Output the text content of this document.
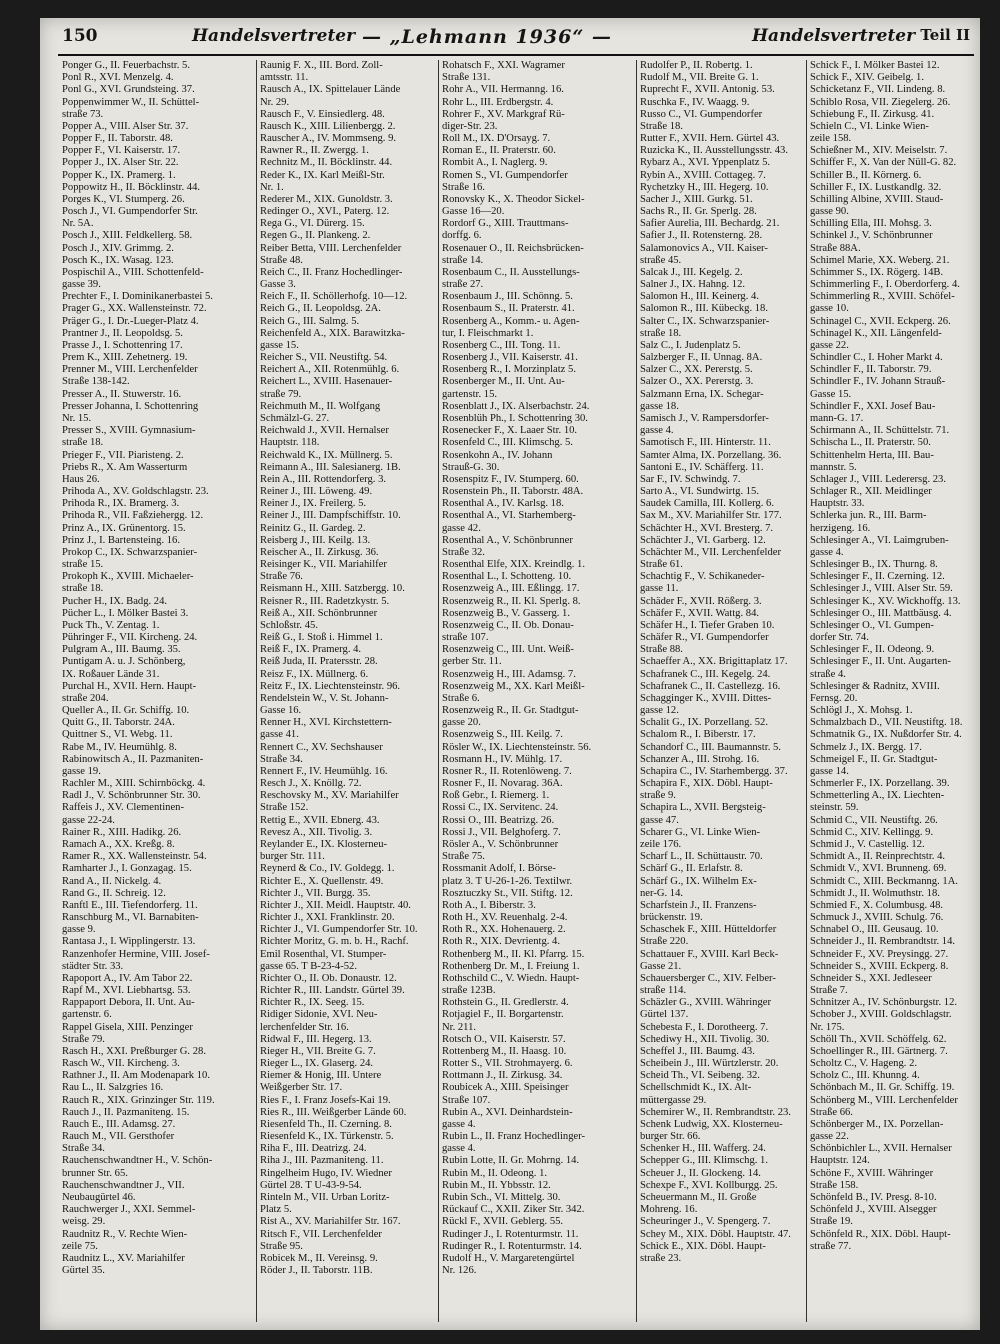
150	Handelsvertreter — „Lehmann 1936“ —	Handelsvertreter Teil II
Ponger G., II. Feuerbachstr. 5.
Ponl R., XVI. Menzelg. 4.
Ponl G., XVI. Grundsteing. 37.
Poppenwimmer W., II. Schüttel-
straße 73.
Popper A., VIII. Alser Str. 37.
Popper F., II. Taborstr. 48.
Popper F., VI. Kaiserstr. 17.
Popper J., IX. Alser Str. 22.
Popper K., IX. Pramerg. 1.
Poppowitz H., II. Böcklinstr. 44.
Porges K., VI. Stumperg. 26.
Posch J., VI. Gumpendorfer Str.
Nr. 5A.
Posch J., XIII. Feldkellerg. 58.
Posch J., XIV. Grimmg. 2.
Posch K., IX. Wasag. 123.
Pospischil A., VIII. Schottenfeld-
gasse 39.
Prechter F., I. Dominikanerbastei 5.
Prager G., XX. Wallensteinstr. 72.
Präger G., I. Dr.-Lueger-Platz 4.
Prantner J., II. Leopoldsg. 5.
Prasse J., I. Schottenring 17.
Prem K., XIII. Zehetnerg. 19.
Prenner M., VIII. Lerchenfelder
Straße 138-142.
Presser A., II. Stuwerstr. 16.
Presser Johanna, I. Schottenring
Nr. 15.
Presser S., XVIII. Gymnasium-
straße 18.
Prieger F., VII. Piaristeng. 2.
Priebs R., X. Am Wasserturm
Haus 26.
Prihoda A., XV. Goldschlagstr. 23.
Prihoda R., IX. Bramerg. 3.
Prihoda R., VII. Faßziehergg. 12.
Prinz A., IX. Grünentorg. 15.
Prinz J., I. Bartensteing. 16.
Prokop C., IX. Schwarzspanier-
straße 15.
Prokoph K., XVIII. Michaeler-
straße 18.
Pucher H., IX. Badg. 24.
Pücher L., I. Mölker Bastei 3.
Puck Th., V. Zentag. 1.
Pühringer F., VII. Kircheng. 24.
Pulgram A., III. Baumg. 35.
Puntigam A. u. J. Schönberg,
IX. Roßauer Lände 31.
Purchal H., XVII. Hern. Haupt-
straße 204.
Queller A., II. Gr. Schiffg. 10.
Quitt G., II. Taborstr. 24A.
Quittner S., VI. Webg. 11.
Rabe M., IV. Heumühlg. 8.
Rabinowitsch A., II. Pazmaniten-
gasse 19.
Rachler M., XIII. Schirnböckg. 4.
Radl J., V. Schönbrunner Str. 30.
Raffeis J., XV. Clementinen-
gasse 22-24.
Rainer R., XIII. Hadikg. 26.
Ramach A., XX. Kreßg. 8.
Ramer R., XX. Wallensteinstr. 54.
Ramharter J., I. Gonzagag. 15.
Rand A., II. Nickelg. 4.
Rand G., II. Schreig. 12.
Ranftl E., III. Tiefendorferg. 11.
Ranschburg M., VI. Barnabiten-
gasse 9.
Rantasa J., I. Wipplingerstr. 13.
Ranzenhofer Hermine, VIII. Josef-
städter Str. 33.
Rapoport A., IV. Am Tabor 22.
Rapf M., XVI. Liebhartsg. 53.
Rappaport Debora, II. Unt. Au-
gartenstr. 6.
Rappel Gisela, XIII. Penzinger
Straße 79.
Rasch H., XXI. Preßburger G. 28.
Rasch W., VII. Kircheng. 3.
Rathner J., II. Am Modenapark 10.
Rau L., II. Salzgries 16.
Rauch R., XIX. Grinzinger Str. 119.
Rauch J., II. Pazmaniteng. 15.
Rauch E., III. Adamsg. 27.
Rauch M., VII. Gersthofer
Straße 34.
Rauchenschwandtner H., V. Schön-
brunner Str. 65.
Rauchenschwandtner J., VII.
Neubaugürtel 46.
Rauchwerger J., XXI. Semmel-
weisg. 29.
Raudnitz R., V. Rechte Wien-
zeile 75.
Raudnitz L., XV. Mariahilfer
Gürtel 35.
Raunig F. X., III. Bord. Zoll-
amtsstr. 11.
Rausch A., IX. Spittelauer Lände
Nr. 29.
Rausch F., V. Einsiedlerg. 48.
Rausch K., XIII. Lilienbergg. 2.
Rauscher A., IV. Mommseng. 9.
Rawner R., II. Zwergg. 1.
Rechnitz M., II. Böcklinstr. 44.
Reder K., IX. Karl Meißl-Str.
Nr. 1.
Rederer M., XIX. Gunoldstr. 3.
Redinger O., XVI., Paterg. 12.
Rega G., VI. Dürerg. 15.
Regen G., II. Plankeng. 2.
Reiber Betta, VIII. Lerchenfelder
Straße 48.
Reich C., II. Franz Hochedlinger-
Gasse 3.
Reich F., II. Schöllerhofg. 10—12.
Reich G., II. Leopoldsg. 2A.
Reich G., III. Salmg. 5.
Reichenfeld A., XIX. Barawitzka-
gasse 15.
Reicher S., VII. Neustiftg. 54.
Reichert A., XII. Rotenmühlg. 6.
Reichert L., XVIII. Hasenauer-
straße 79.
Reichmuth M., II. Wolfgang
Schmälzl-G. 27.
Reichwald J., XVII. Hernalser
Hauptstr. 118.
Reichwald K., IX. Müllnerg. 5.
Reimann A., III. Salesianerg. 1B.
Rein A., III. Rottendorferg. 3.
Reiner J., III. Löweng. 49.
Reiner J., IX. Freilerg. 5.
Reiner J., III. Dampfschiffstr. 10.
Reinitz G., II. Gardeg. 2.
Reisberg J., III. Keilg. 13.
Reischer A., II. Zirkusg. 36.
Reisinger K., VII. Mariahilfer
Straße 76.
Reismann H., XIII. Satzbergg. 10.
Reisner R., III. Radetzkystr. 5.
Reiß A., XII. Schönbrunner
Schloßstr. 45.
Reiß G., I. Stoß i. Himmel 1.
Reiß F., IX. Pramerg. 4.
Reiß Juda, II. Pratersstr. 28.
Reisz F., IX. Müllnerg. 6.
Reitz F., IX. Liechtensteinstr. 96.
Rendelstein W., V. St. Johann-
Gasse 16.
Renner H., XVI. Kirchstettern-
gasse 41.
Rennert C., XV. Sechshauser
Straße 34.
Rennert F., IV. Heumühlg. 16.
Resch J., X. Knöllg. 72.
Reschovsky M., XV. Mariahilfer
Straße 152.
Rettig E., XVII. Ebnerg. 43.
Revesz A., XII. Tivolig. 3.
Reylander E., IX. Klosterneu-
burger Str. 111.
Reynerd & Co., IV. Goldegg. 1.
Richter E., X. Quellenstr. 49.
Richter J., VII. Burgg. 35.
Richter J., XII. Meidl. Hauptstr. 40.
Richter J., XXI. Franklinstr. 20.
Richter J., VI. Gumpendorfer Str. 10.
Richter Moritz, G. m. b. H., Rachf.
Emil Rosenthal, VI. Stumper-
gasse 65. T B-23-4-52.
Richter O., II. Ob. Donaustr. 12.
Richter R., III. Landstr. Gürtel 39.
Richter R., IX. Seeg. 15.
Ridiger Sidonie, XVI. Neu-
lerchenfelder Str. 16.
Ridwal F., III. Hegerg. 13.
Rieger H., VII. Breite G. 7.
Rieger L., IX. Glaserg. 24.
Riemer & Honig, III. Untere
Weißgerber Str. 17.
Ries F., I. Franz Josefs-Kai 19.
Ries R., III. Weißgerber Lände 60.
Riesenfeld Th., II. Czerning. 8.
Riesenfeld K., IX. Türkenstr. 5.
Riha F., III. Deatrizg. 24.
Riha J., III. Pazmaniteng. 11.
Ringelheim Hugo, IV. Wiedner
Gürtel 28. T U-43-9-54.
Rinteln M., VII. Urban Loritz-
Platz 5.
Rist A., XV. Mariahilfer Str. 167.
Ritsch F., VII. Lerchenfelder
Straße 95.
Robicek M., II. Vereinsg. 9.
Röder J., II. Taborstr. 11B.
Rohatsch F., XXI. Wagramer
Straße 131.
Rohr A., VII. Hermanng. 16.
Rohr L., III. Erdbergstr. 4.
Rohrer F., XV. Markgraf Rü-
diger-Str. 23.
Roll M., IX. D'Orsayg. 7.
Roman E., II. Praterstr. 60.
Rombit A., I. Naglerg. 9.
Romen S., VI. Gumpendorfer
Straße 16.
Ronovsky K., X. Theodor Sickel-
Gasse 16—20.
Rordorf G., XIII. Trauttmans-
dorffg. 6.
Rosenauer O., II. Reichsbrücken-
straße 14.
Rosenbaum C., II. Ausstellungs-
straße 27.
Rosenbaum J., III. Schönng. 5.
Rosenbaum S., II. Praterstr. 41.
Rosenberg A., Komm.- u. Agen-
tur, I. Fleischmarkt 1.
Rosenberg C., III. Tong. 11.
Rosenberg J., VII. Kaiserstr. 41.
Rosenberg R., I. Morzinplatz 5.
Rosenberger M., II. Unt. Au-
gartenstr. 15.
Rosenblatt J., IX. Alserbachstr. 24.
Rosenblüh Ph., I. Schottenring 30.
Rosenecker F., X. Laaer Str. 10.
Rosenfeld C., III. Klimschg. 5.
Rosenkohn A., IV. Johann
Strauß-G. 30.
Rosenspitz F., IV. Stumperg. 60.
Rosenstein Ph., II. Taborstr. 48A.
Rosenthal A., IV. Karlsg. 18.
Rosenthal A., VI. Starhemberg-
gasse 42.
Rosenthal A., V. Schönbrunner
Straße 32.
Rosenthal Elfe, XIX. Kreindlg. 1.
Rosenthal L., I. Schotteng. 10.
Rosenzweig A., III. Eßlingg. 17.
Rosenzweig R., II. Kl. Sperlg. 8.
Rosenzweig B., V. Gasserg. 1.
Rosenzweig C., II. Ob. Donau-
straße 107.
Rosenzweig C., III. Unt. Weiß-
gerber Str. 11.
Rosenzweig H., III. Adamsg. 7.
Rosenzweig M., XX. Karl Meißl-
Straße 6.
Rosenzweig R., II. Gr. Stadtgut-
gasse 20.
Rosenzweig S., III. Keilg. 7.
Rösler W., IX. Liechtensteinstr. 56.
Rosmann H., IV. Mühlg. 17.
Rosner R., II. Rotenlöweng. 7.
Rosner F., II. Novarag. 36A.
Roß Gebr., I. Riemerg. 1.
Rossi C., IX. Servitenc. 24.
Rossi O., III. Beatrizg. 26.
Rossi J., VII. Belghoferg. 7.
Rösler A., V. Schönbrunner
Straße 75.
Rossmanit Adolf, I. Börse-
platz 3. T U-26-1-26. Textilwr.
Rosztuczky St., VII. Stiftg. 12.
Roth A., I. Biberstr. 3.
Roth H., XV. Reuenhalg. 2-4.
Roth R., XX. Hohenauerg. 2.
Roth R., XIX. Devrientg. 4.
Rothenberg M., II. Kl. Pfarrg. 15.
Rothenberg Dr. M., I. Freiung 1.
Rothschild C., V. Wiedn. Haupt-
straße 123B.
Rothstein G., II. Gredlerstr. 4.
Rotjagiel F., II. Borgartenstr.
Nr. 211.
Rotsch O., VII. Kaiserstr. 57.
Rottenberg M., II. Haasg. 10.
Rotter S., VII. Strohmayerg. 6.
Rottmann J., II. Zirkusg. 34.
Roubicek A., XIII. Speisinger
Straße 107.
Rubin A., XVI. Deinhardstein-
gasse 4.
Rubin L., II. Franz Hochedlinger-
gasse 4.
Rubin Lotte, II. Gr. Mohrng. 14.
Rubin M., II. Odeong. 1.
Rubin M., II. Ybbsstr. 12.
Rubin Sch., VI. Mittelg. 30.
Rückauf C., XXII. Ziker Str. 342.
Rückl F., XVII. Geblerg. 55.
Rudinger J., I. Rotenturmstr. 11.
Rudinger R., I. Rotenturmstr. 14.
Rudolf H., V. Margaretengürtel
Nr. 126.
Rudolfer P., II. Robertg. 1.
Rudolf M., VII. Breite G. 1.
Ruprecht F., XVII. Antonig. 53.
Ruschka F., IV. Waagg. 9.
Russo C., VI. Gumpendorfer
Straße 18.
Rutter F., XVII. Hern. Gürtel 43.
Ruzicka K., II. Ausstellungsstr. 43.
Rybarz A., XVI. Yppenplatz 5.
Rybin A., XVIII. Cottageg. 7.
Rychetzky H., III. Hegerg. 10.
Sacher J., XIII. Gurkg. 51.
Sachs R., II. Gr. Sperlg. 28.
Safier Aurelia, III. Bechardg. 21.
Safier J., II. Rotensterng. 28.
Salamonovics A., VII. Kaiser-
straße 45.
Salcak J., III. Kegelg. 2.
Salner J., IX. Hahng. 12.
Salomon H., III. Keinerg. 4.
Salomon R., III. Kübeckg. 18.
Salter C., IX. Schwarzspanier-
straße 18.
Salz C., I. Judenplatz 5.
Salzberger F., II. Unnag. 8A.
Salzer C., XX. Pererstg. 5.
Salzer O., XX. Pererstg. 3.
Salzmann Erna, IX. Schegar-
gasse 18.
Samisch J., V. Rampersdorfer-
gasse 4.
Samotisch F., III. Hinterstr. 11.
Samter Alma, IX. Porzellang. 36.
Santoni E., IV. Schäfferg. 11.
Sar F., IV. Schwindg. 7.
Sarto A., VI. Sundwirtg. 15.
Saudek Camilla, III. Kollerg. 6.
Sax M., XV. Mariahilfer Str. 177.
Schächter H., XVI. Bresterg. 7.
Schächter J., VI. Garberg. 12.
Schächter M., VII. Lerchenfelder
Straße 61.
Schachtig F., V. Schikaneder-
gasse 11.
Schäder F., XVII. Rößerg. 3.
Schäfer F., XVII. Wattg. 84.
Schäfer H., I. Tiefer Graben 10.
Schäfer R., VI. Gumpendorfer
Straße 88.
Schaeffer A., XX. Brigittaplatz 17.
Schafranek C., III. Kegelg. 24.
Schafranek C., II. Castellezg. 16.
Schagginger K., XVIII. Dittes-
gasse 12.
Schalit G., IX. Porzellang. 52.
Schalom R., I. Biberstr. 17.
Schandorf C., III. Baumannstr. 5.
Schanzer A., III. Strohg. 16.
Schapira C., IV. Starhembergg. 37.
Schapira F., XIX. Döbl. Haupt-
straße 9.
Schapira L., XVII. Bergsteig-
gasse 47.
Scharer G., VI. Linke Wien-
zeile 176.
Scharf L., II. Schüttaustr. 70.
Schärf G., II. Erlafstr. 8.
Schärf G., IX. Wilhelm Ex-
ner-G. 14.
Scharfstein J., II. Franzens-
brückenstr. 19.
Schaschek F., XIII. Hütteldorfer
Straße 220.
Schattauer F., XVIII. Karl Beck-
Gasse 21.
Schauersberger C., XIV. Felber-
straße 114.
Schäzler G., XVIII. Währinger
Gürtel 137.
Schebesta F., I. Dorotheerg. 7.
Schediwy H., XII. Tivolig. 30.
Scheffel J., III. Baumg. 43.
Scheibein J., III. Würtzlerstr. 20.
Scheid Th., VI. Seibeng. 32.
Schellschmidt K., IX. Alt-
müttergasse 29.
Schemirer W., II. Rembrandtstr. 23.
Schenk Ludwig, XX. Klosterneu-
burger Str. 66.
Schenker H., III. Wafferg. 24.
Schepper G., III. Klimschg. 1.
Scheuer J., II. Glockeng. 14.
Schexpe F., XVI. Kollburgg. 25.
Scheuermann M., II. Große
Mohreng. 16.
Scheuringer J., V. Spengerg. 7.
Schey M., XIX. Döbl. Hauptstr. 47.
Schick E., XIX. Döbl. Haupt-
straße 23.
Schick F., I. Mölker Bastei 12.
Schick F., XIV. Geibelg. 1.
Schicketanz F., VII. Lindeng. 8.
Schiblo Rosa, VII. Ziegelerg. 26.
Schiebung F., II. Zirkusg. 41.
Schieln C., VI. Linke Wien-
zeile 158.
Schießner M., XIV. Meiselstr. 7.
Schiffer F., X. Van der Nüll-G. 82.
Schiller B., II. Körnerg. 6.
Schiller F., IX. Lustkandlg. 32.
Schilling Albine, XVIII. Staud-
gasse 90.
Schilling Ella, III. Mohsg. 3.
Schinkel J., V. Schönbrunner
Straße 88A.
Schimel Marie, XX. Weberg. 21.
Schimmer S., IX. Rögerg. 14B.
Schimmerling F., I. Oberdorferg. 4.
Schimmerling R., XVIII. Schöfel-
gasse 10.
Schinagel C., XVII. Eckperg. 26.
Schinagel K., XII. Längenfeld-
gasse 22.
Schindler C., I. Hoher Markt 4.
Schindler F., II. Taborstr. 79.
Schindler F., IV. Johann Strauß-
Gasse 15.
Schindler F., XXI. Josef Bau-
mann-G. 17.
Schirmann A., II. Schüttelstr. 71.
Schischa L., II. Praterstr. 50.
Schittenhelm Herta, III. Bau-
mannstr. 5.
Schlager J., VIII. Lederersg. 23.
Schlager R., XII. Meidlinger
Hauptstr. 33.
Schlerka jun. R., III. Barm-
herzigeng. 16.
Schlesinger A., VI. Laimgruben-
gasse 4.
Schlesinger B., IX. Thurng. 8.
Schlesinger F., II. Czerning. 12.
Schlesinger J., VIII. Alser Str. 59.
Schlesinger K., XV. Wickhoffg. 13.
Schlesinger O., III. Mattbäusg. 4.
Schlesinger O., VI. Gumpen-
dorfer Str. 74.
Schlesinger F., II. Odeong. 9.
Schlesinger F., II. Unt. Augarten-
straße 4.
Schlesinger & Radnitz, XVIII.
Fernsg. 20.
Schlögl J., X. Mohsg. 1.
Schmalzbach D., VII. Neustiftg. 18.
Schmatnik G., IX. Nußdorfer Str. 4.
Schmelz J., IX. Bergg. 17.
Schmeigel F., II. Gr. Stadtgut-
gasse 14.
Schmerler F., IX. Porzellang. 39.
Schmetterling A., IX. Liechten-
steinstr. 59.
Schmid C., VII. Neustiftg. 26.
Schmid C., XIV. Kellingg. 9.
Schmid J., V. Castellig. 12.
Schmidt A., II. Reinprechtstr. 4.
Schmidt V., XVI. Brunneng. 69.
Schmidt C., XIII. Beckmanng. 1A.
Schmidt J., II. Wolmuthstr. 18.
Schmied F., X. Columbusg. 48.
Schmuck J., XVIII. Schulg. 76.
Schnabel O., III. Geusaug. 10.
Schneider J., II. Rembrandtstr. 14.
Schneider F., XV. Preysingg. 27.
Schneider S., XVIII. Eckperg. 8.
Schneider S., XXI. Jedleseer
Straße 7.
Schnitzer A., IV. Schönburgstr. 12.
Schober J., XVIII. Goldschlagstr.
Nr. 175.
Schöll Th., XVII. Schöffelg. 62.
Schoellinger R., III. Gärtnerg. 7.
Scholtz C., V. Hageng. 2.
Scholz C., III. Khunng. 4.
Schönbach M., II. Gr. Schiffg. 19.
Schönberg M., VIII. Lerchenfelder
Straße 66.
Schönberger M., IX. Porzellan-
gasse 22.
Schönbichler L., XVII. Hernalser
Hauptstr. 124.
Schöne F., XVIII. Währinger
Straße 158.
Schönfeld B., IV. Presg. 8-10.
Schönfeld J., XVIII. Alsegger
Straße 19.
Schönfeld R., XIX. Döbl. Haupt-
straße 77.
